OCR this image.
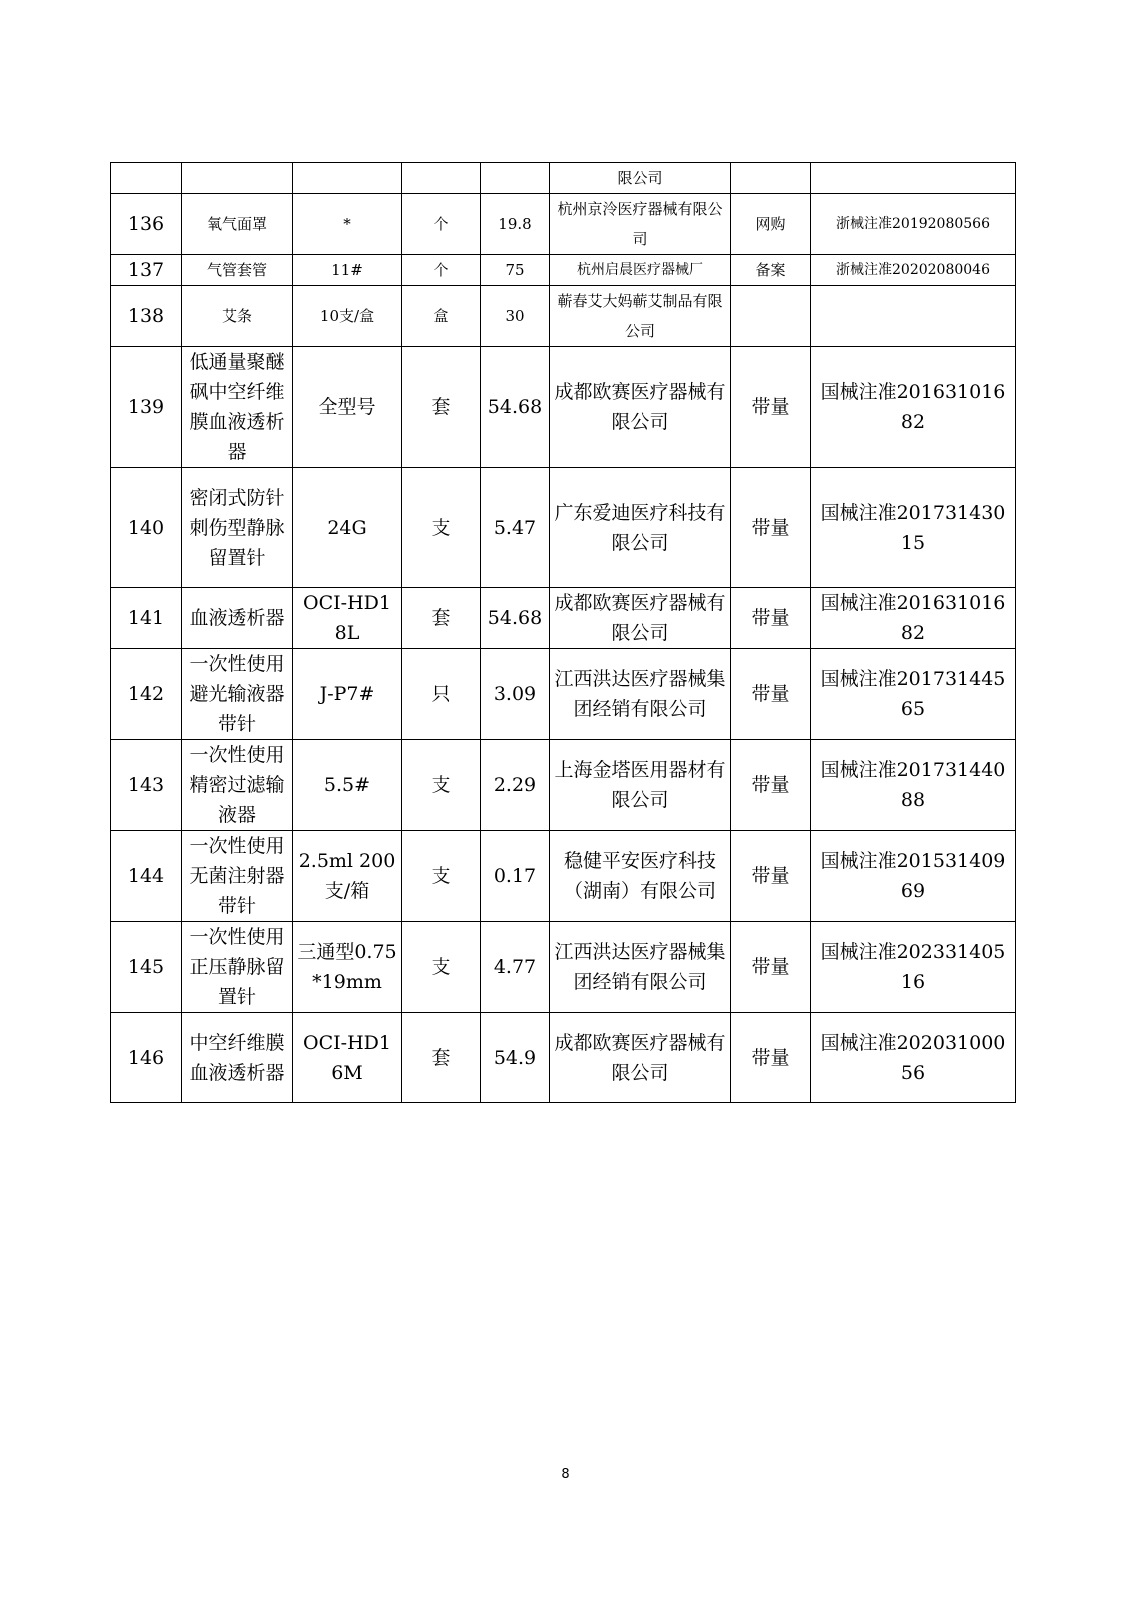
					限公司		
136	氧气面罩	*	个	19.8	杭州京泠医疗器械有限公司	网购	浙械注准20192080566
137	气管套管	11#	个	75	杭州启晨医疗器械厂	备案	浙械注准20202080046
138	艾条	10支/盒	盒	30	蕲春艾大妈蕲艾制品有限公司		
139	低通量聚醚砜中空纤维膜血液透析器	全型号	套	54.68	成都欧赛医疗器械有限公司	带量	国械注准20163101682
140	密闭式防针刺伤型静脉留置针	24G	支	5.47	广东爱迪医疗科技有限公司	带量	国械注准20173143015
141	血液透析器	OCI-HD18L	套	54.68	成都欧赛医疗器械有限公司	带量	国械注准20163101682
142	一次性使用避光输液器带针	J-P7#	只	3.09	江西洪达医疗器械集团经销有限公司	带量	国械注准20173144565
143	一次性使用精密过滤输液器	5.5#	支	2.29	上海金塔医用器材有限公司	带量	国械注准20173144088
144	一次性使用无菌注射器带针	2.5ml 200支/箱	支	0.17	稳健平安医疗科技（湖南）有限公司	带量	国械注准20153140969
145	一次性使用正压静脉留置针	三通型0.75*19mm	支	4.77	江西洪达医疗器械集团经销有限公司	带量	国械注准20233140516
146	中空纤维膜血液透析器	OCI-HD16M	套	54.9	成都欧赛医疗器械有限公司	带量	国械注准20203100056
8
